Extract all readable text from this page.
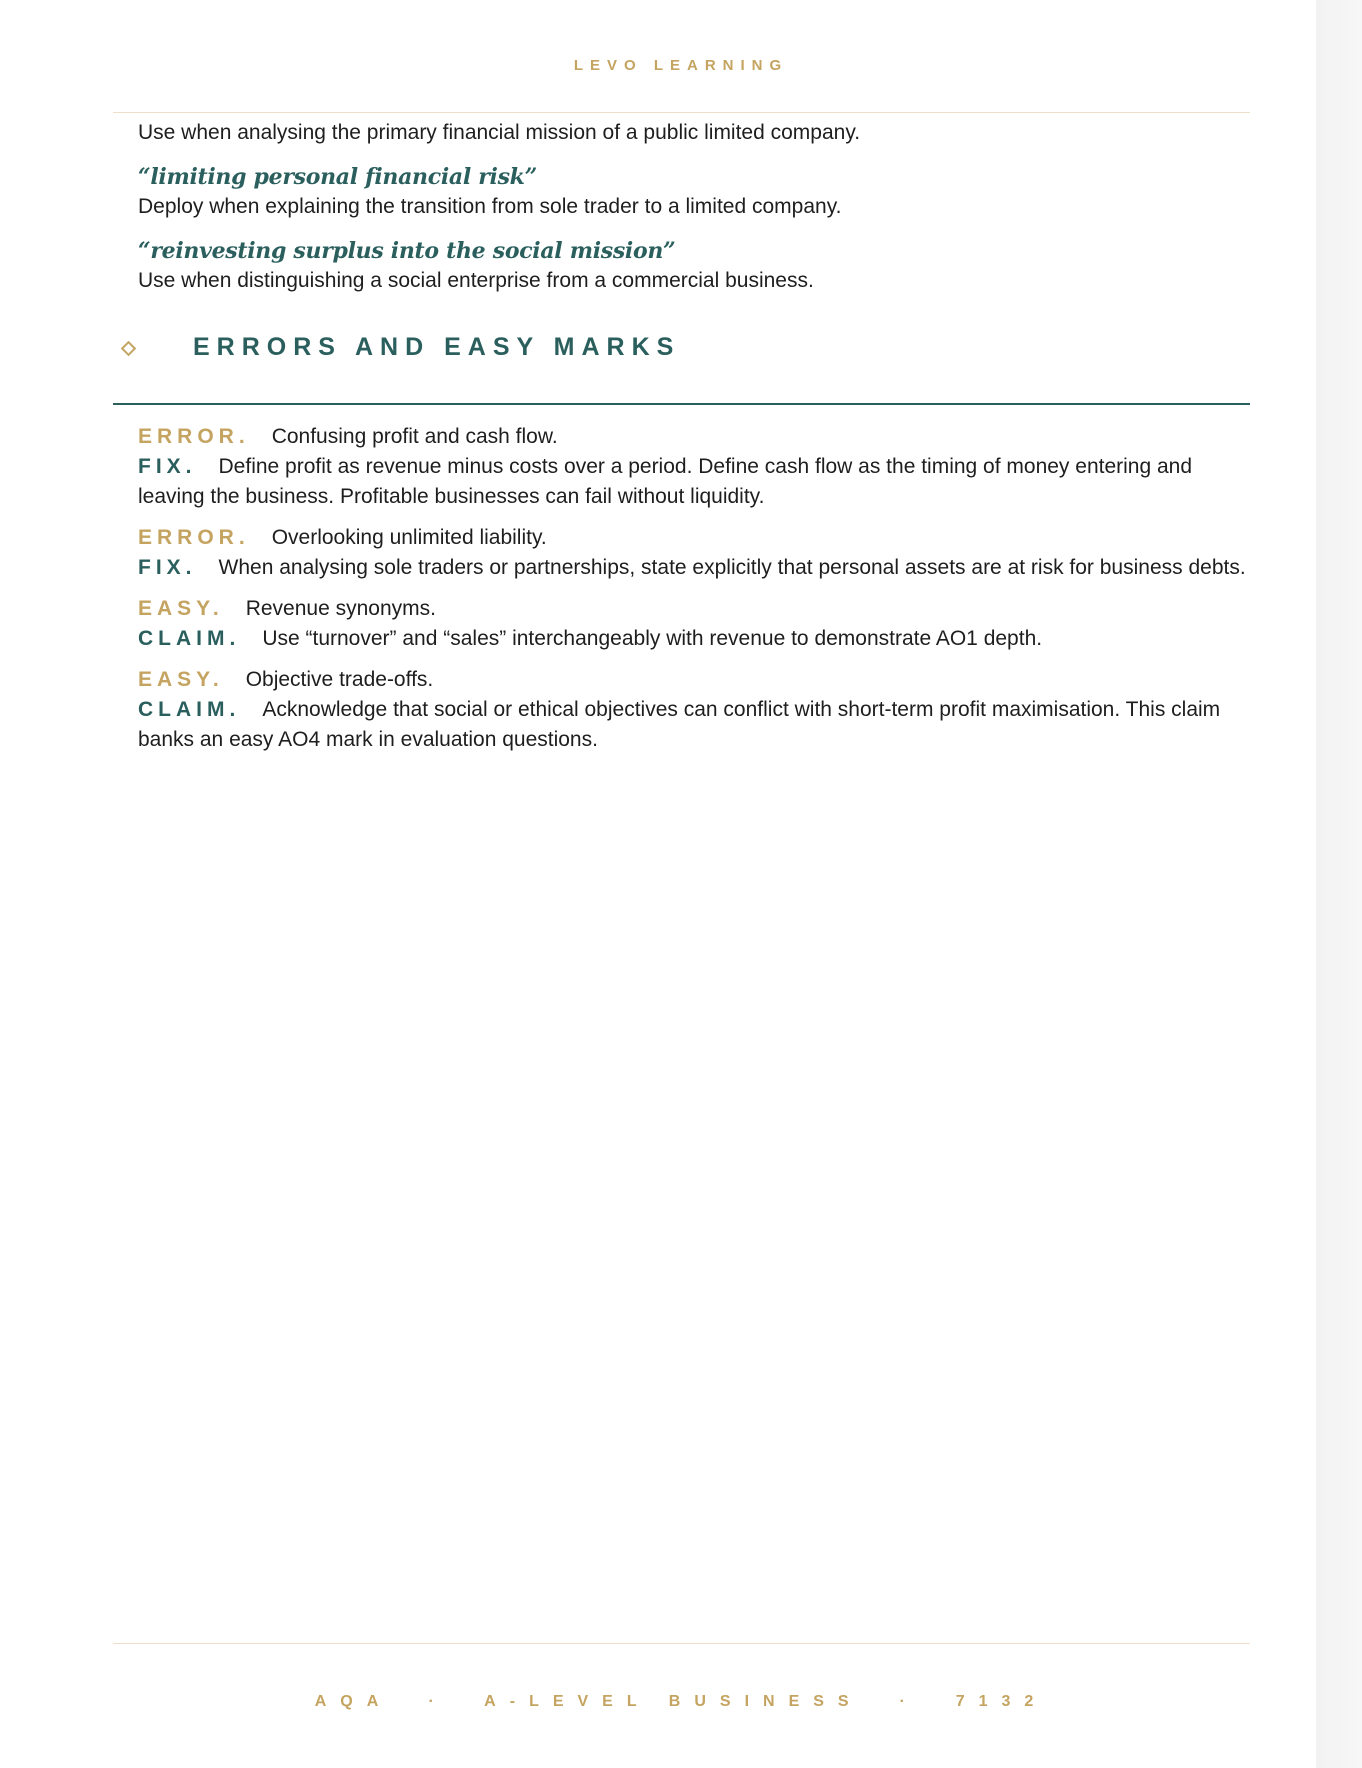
LEVO LEARNING

Use when analysing the primary financial mission of a public limited company.

“limiting personal financial risk”

Deploy when explaining the transition from sole trader to a limited company.

“reinvesting surplus into the social mission”

Use when distinguishing a social enterprise from a commercial business.

ERRORS AND EASY MARKS

ERROR. Confusing profit and cash flow.

FIX. Define profit as revenue minus costs over a period. Define cash flow as the timing of money entering and leaving the business. Profitable businesses can fail without liquidity.

ERROR. Overlooking unlimited liability.

FIX. When analysing sole traders or partnerships, state explicitly that personal assets are at risk for business debts.

EASY. Revenue synonyms.

CLAIM. Use “turnover” and “sales” interchangeably with revenue to demonstrate AO1 depth.

EASY. Objective trade-offs.

CLAIM. Acknowledge that social or ethical objectives can conflict with short-term profit maximisation. This claim banks an easy AO4 mark in evaluation questions.

AQA  ·  A-LEVEL BUSINESS  ·  7132
